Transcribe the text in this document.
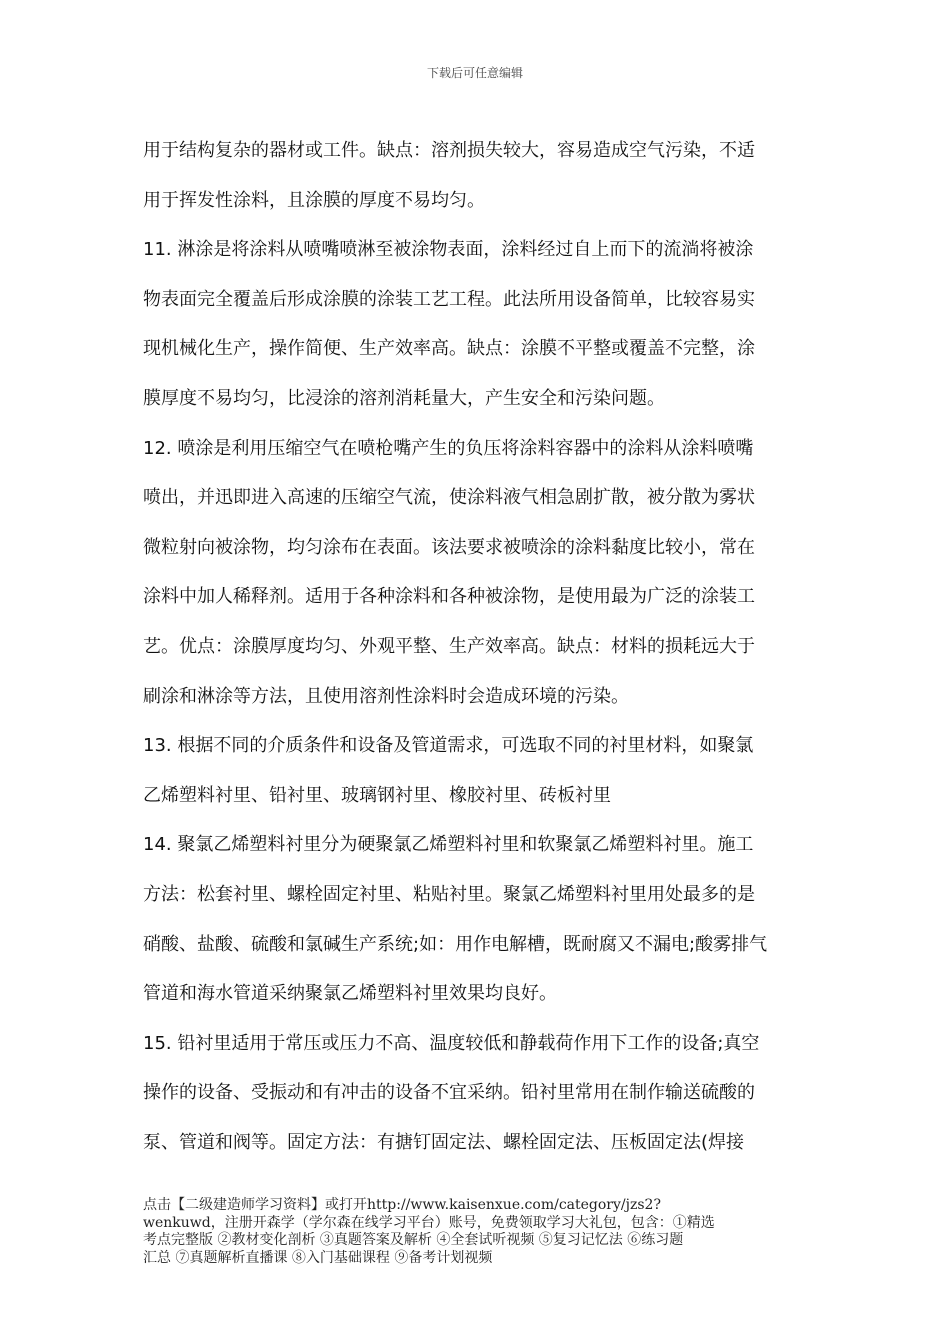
下载后可任意编辑
用于结构复杂的器材或工件。缺点：溶剂损失较大，容易造成空气污染，不适
用于挥发性涂料，且涂膜的厚度不易均匀。
11. 淋涂是将涂料从喷嘴喷淋至被涂物表面，涂料经过自上而下的流淌将被涂
物表面完全覆盖后形成涂膜的涂装工艺工程。此法所用设备简单，比较容易实
现机械化生产，操作简便、生产效率高。缺点：涂膜不平整或覆盖不完整，涂
膜厚度不易均匀，比浸涂的溶剂消耗量大，产生安全和污染问题。
12. 喷涂是利用压缩空气在喷枪嘴产生的负压将涂料容器中的涂料从涂料喷嘴
喷出，并迅即进入高速的压缩空气流，使涂料液气相急剧扩散，被分散为雾状
微粒射向被涂物，均匀涂布在表面。该法要求被喷涂的涂料黏度比较小，常在
涂料中加人稀释剂。适用于各种涂料和各种被涂物，是使用最为广泛的涂装工
艺。优点：涂膜厚度均匀、外观平整、生产效率高。缺点：材料的损耗远大于
刷涂和淋涂等方法，且使用溶剂性涂料时会造成环境的污染。
13. 根据不同的介质条件和设备及管道需求，可选取不同的衬里材料，如聚氯
乙烯塑料衬里、铅衬里、玻璃钢衬里、橡胶衬里、砖板衬里
14. 聚氯乙烯塑料衬里分为硬聚氯乙烯塑料衬里和软聚氯乙烯塑料衬里。施工
方法：松套衬里、螺栓固定衬里、粘贴衬里。聚氯乙烯塑料衬里用处最多的是
硝酸、盐酸、硫酸和氯碱生产系统;如：用作电解槽，既耐腐又不漏电;酸雾排气
管道和海水管道采纳聚氯乙烯塑料衬里效果均良好。
15. 铅衬里适用于常压或压力不高、温度较低和静载荷作用下工作的设备;真空
操作的设备、受振动和有冲击的设备不宜采纳。铅衬里常用在制作输送硫酸的
泵、管道和阀等。固定方法：有搪钉固定法、螺栓固定法、压板固定法(焊接
点击【二级建造师学习资料】或打开http://www.kaisenxue.com/category/jzs2?
wenkuwd，注册开森学（学尔森在线学习平台）账号，免费领取学习大礼包，包含：①精选
考点完整版 ②教材变化剖析 ③真题答案及解析 ④全套试听视频 ⑤复习记忆法 ⑥练习题
汇总 ⑦真题解析直播课 ⑧入门基础课程 ⑨备考计划视频
